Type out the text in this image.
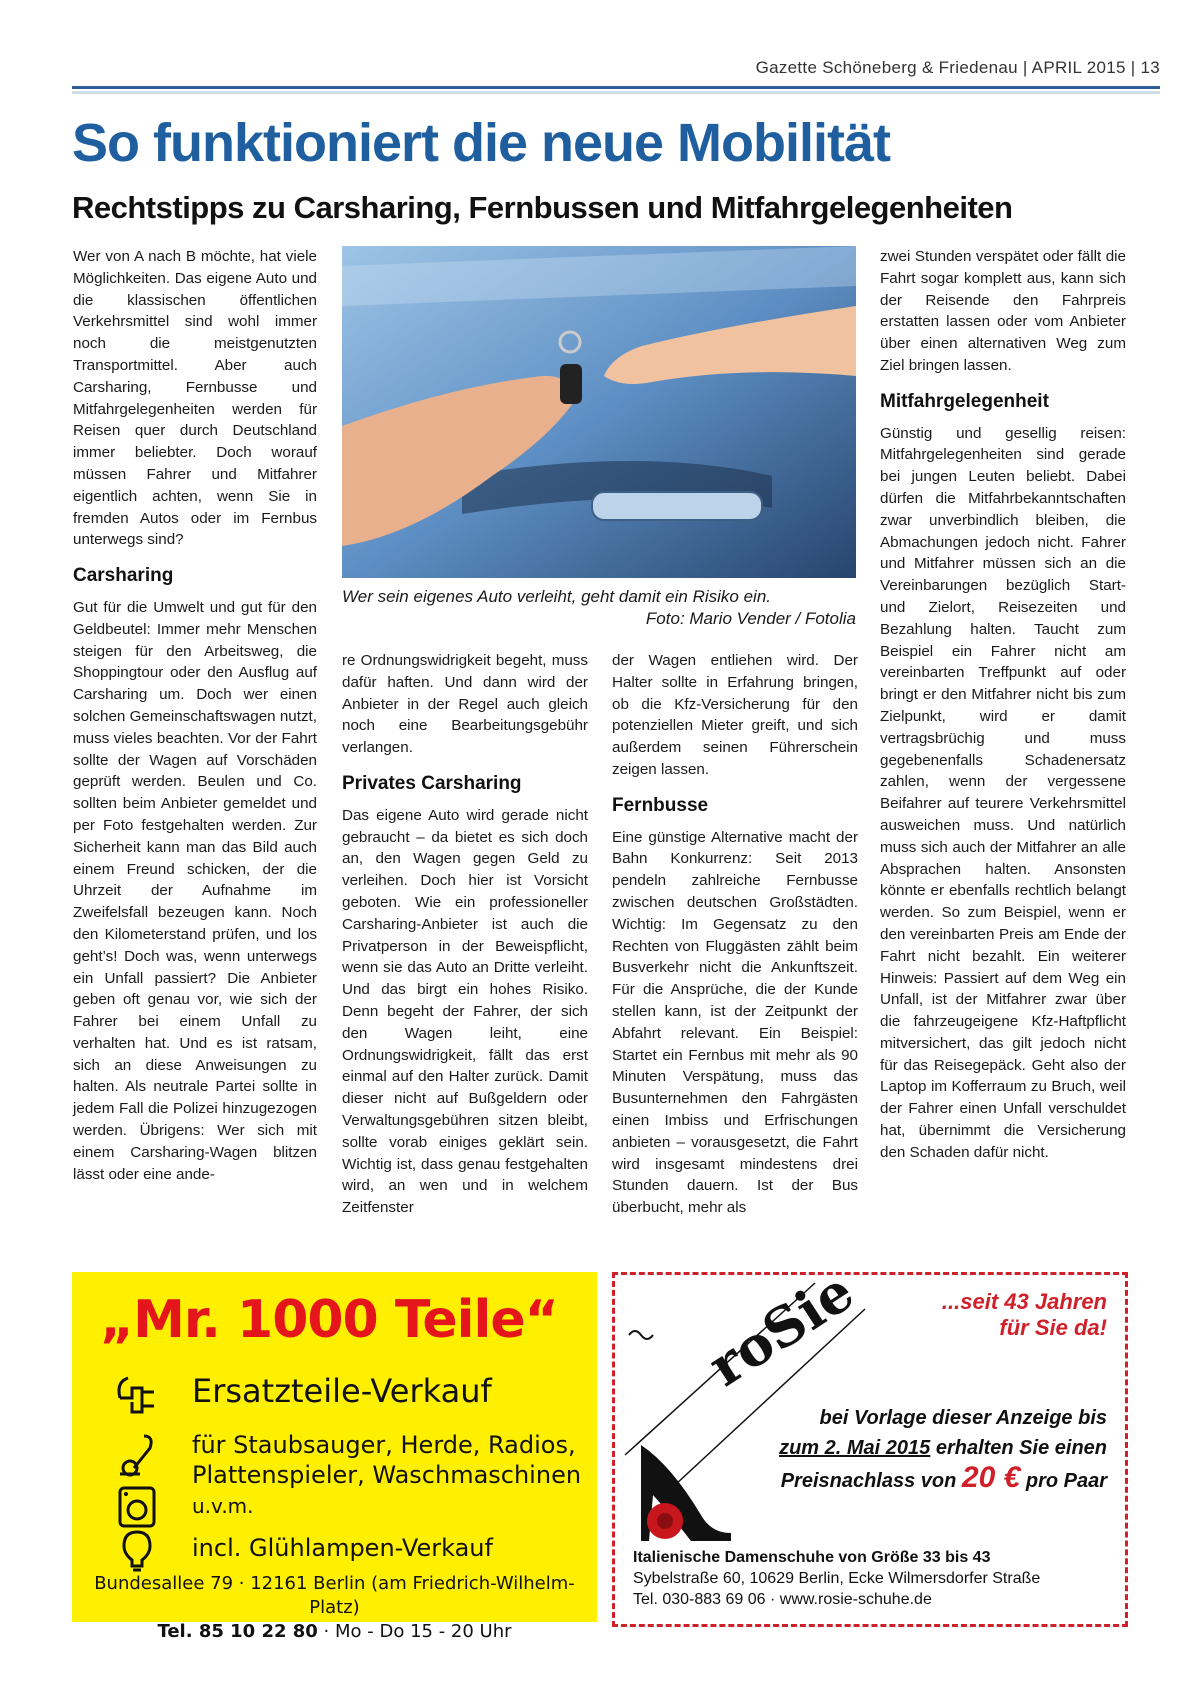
Gazette Schöneberg & Friedenau | APRIL 2015 | 13
So funktioniert die neue Mobilität
Rechtstipps zu Carsharing, Fernbussen und Mitfahrgelegenheiten

Wer von A nach B möchte, hat viele Möglichkeiten. Das eigene Auto und die klassischen öffentlichen Verkehrsmittel sind wohl immer noch die meistgenutzten Transportmittel. Aber auch Carsharing, Fernbusse und Mitfahrgelegenheiten werden für Reisen quer durch Deutschland immer beliebter. Doch worauf müssen Fahrer und Mitfahrer eigentlich achten, wenn Sie in fremden Autos oder im Fernbus unterwegs sind?

Carsharing

Gut für die Umwelt und gut für den Geldbeutel: Immer mehr Menschen steigen für den Arbeitsweg, die Shoppingtour oder den Ausflug auf Carsharing um. Doch wer einen solchen Gemeinschaftswagen nutzt, muss vieles beachten. Vor der Fahrt sollte der Wagen auf Vorschäden geprüft werden. Beulen und Co. sollten beim Anbieter gemeldet und per Foto festgehalten werden. Zur Sicherheit kann man das Bild auch einem Freund schicken, der die Uhrzeit der Aufnahme im Zweifelsfall bezeugen kann. Noch den Kilometerstand prüfen, und los geht’s! Doch was, wenn unterwegs ein Unfall passiert? Die Anbieter geben oft genau vor, wie sich der Fahrer bei einem Unfall zu verhalten hat. Und es ist ratsam, sich an diese Anweisungen zu halten. Als neutrale Partei sollte in jedem Fall die Polizei hinzugezogen werden. Übrigens: Wer sich mit einem Carsharing-Wagen blitzen lässt oder eine ande-

Wer sein eigenes Auto verleiht, geht damit ein Risiko ein.
Foto: Mario Vender / Fotolia

re Ordnungswidrigkeit begeht, muss dafür haften. Und dann wird der Anbieter in der Regel auch gleich noch eine Bearbeitungsgebühr verlangen.

Privates Carsharing

Das eigene Auto wird gerade nicht gebraucht – da bietet es sich doch an, den Wagen gegen Geld zu verleihen. Doch hier ist Vorsicht geboten. Wie ein professioneller Carsharing-Anbieter ist auch die Privatperson in der Beweispflicht, wenn sie das Auto an Dritte verleiht. Und das birgt ein hohes Risiko. Denn begeht der Fahrer, der sich den Wagen leiht, eine Ordnungswidrigkeit, fällt das erst einmal auf den Halter zurück. Damit dieser nicht auf Bußgeldern oder Verwaltungsgebühren sitzen bleibt, sollte vorab einiges geklärt sein. Wichtig ist, dass genau festgehalten wird, an wen und in welchem Zeitfenster

der Wagen entliehen wird. Der Halter sollte in Erfahrung bringen, ob die Kfz-Versicherung für den potenziellen Mieter greift, und sich außerdem seinen Führerschein zeigen lassen.

Fernbusse

Eine günstige Alternative macht der Bahn Konkurrenz: Seit 2013 pendeln zahlreiche Fernbusse zwischen deutschen Großstädten. Wichtig: Im Gegensatz zu den Rechten von Fluggästen zählt beim Busverkehr nicht die Ankunftszeit. Für die Ansprüche, die der Kunde stellen kann, ist der Zeitpunkt der Abfahrt relevant. Ein Beispiel: Startet ein Fernbus mit mehr als 90 Minuten Verspätung, muss das Busunternehmen den Fahrgästen einen Imbiss und Erfrischungen anbieten – vorausgesetzt, die Fahrt wird insgesamt mindestens drei Stunden dauern. Ist der Bus überbucht, mehr als

zwei Stunden verspätet oder fällt die Fahrt sogar komplett aus, kann sich der Reisende den Fahrpreis erstatten lassen oder vom Anbieter über einen alternativen Weg zum Ziel bringen lassen.

Mitfahrgelegenheit

Günstig und gesellig reisen: Mitfahrgelegenheiten sind gerade bei jungen Leuten beliebt. Dabei dürfen die Mitfahrbekanntschaften zwar unverbindlich bleiben, die Abmachungen jedoch nicht. Fahrer und Mitfahrer müssen sich an die Vereinbarungen bezüglich Start- und Zielort, Reisezeiten und Bezahlung halten. Taucht zum Beispiel ein Fahrer nicht am vereinbarten Treffpunkt auf oder bringt er den Mitfahrer nicht bis zum Zielpunkt, wird er damit vertragsbrüchig und muss gegebenenfalls Schadenersatz zahlen, wenn der vergessene Beifahrer auf teurere Verkehrsmittel ausweichen muss. Und natürlich muss sich auch der Mitfahrer an alle Absprachen halten. Ansonsten könnte er ebenfalls rechtlich belangt werden. So zum Beispiel, wenn er den vereinbarten Preis am Ende der Fahrt nicht bezahlt. Ein weiterer Hinweis: Passiert auf dem Weg ein Unfall, ist der Mitfahrer zwar über die fahrzeugeigene Kfz-Haftpflicht mitversichert, das gilt jedoch nicht für das Reisegepäck. Geht also der Laptop im Kofferraum zu Bruch, weil der Fahrer einen Unfall verschuldet hat, übernimmt die Versicherung den Schaden dafür nicht.

„Mr. 1000 Teile“
Ersatzteile-Verkauf
für Staubsauger, Herde, Radios,
Plattenspieler, Waschmaschinen
u.v.m.
incl. Glühlampen-Verkauf
Bundesallee 79 · 12161 Berlin (am Friedrich-Wilhelm-Platz)
Tel. 85 10 22 80 · Mo - Do 15 - 20 Uhr
roSie	...seit 43 Jahren
für Sie da!
bei Vorlage dieser Anzeige bis
zum 2. Mai 2015 erhalten Sie einen
Preisnachlass von 20 € pro Paar
Italienische Damenschuhe von Größe 33 bis 43
Sybelstraße 60, 10629 Berlin, Ecke Wilmersdorfer Straße
Tel. 030-883 69 06 · www.rosie-schuhe.de
